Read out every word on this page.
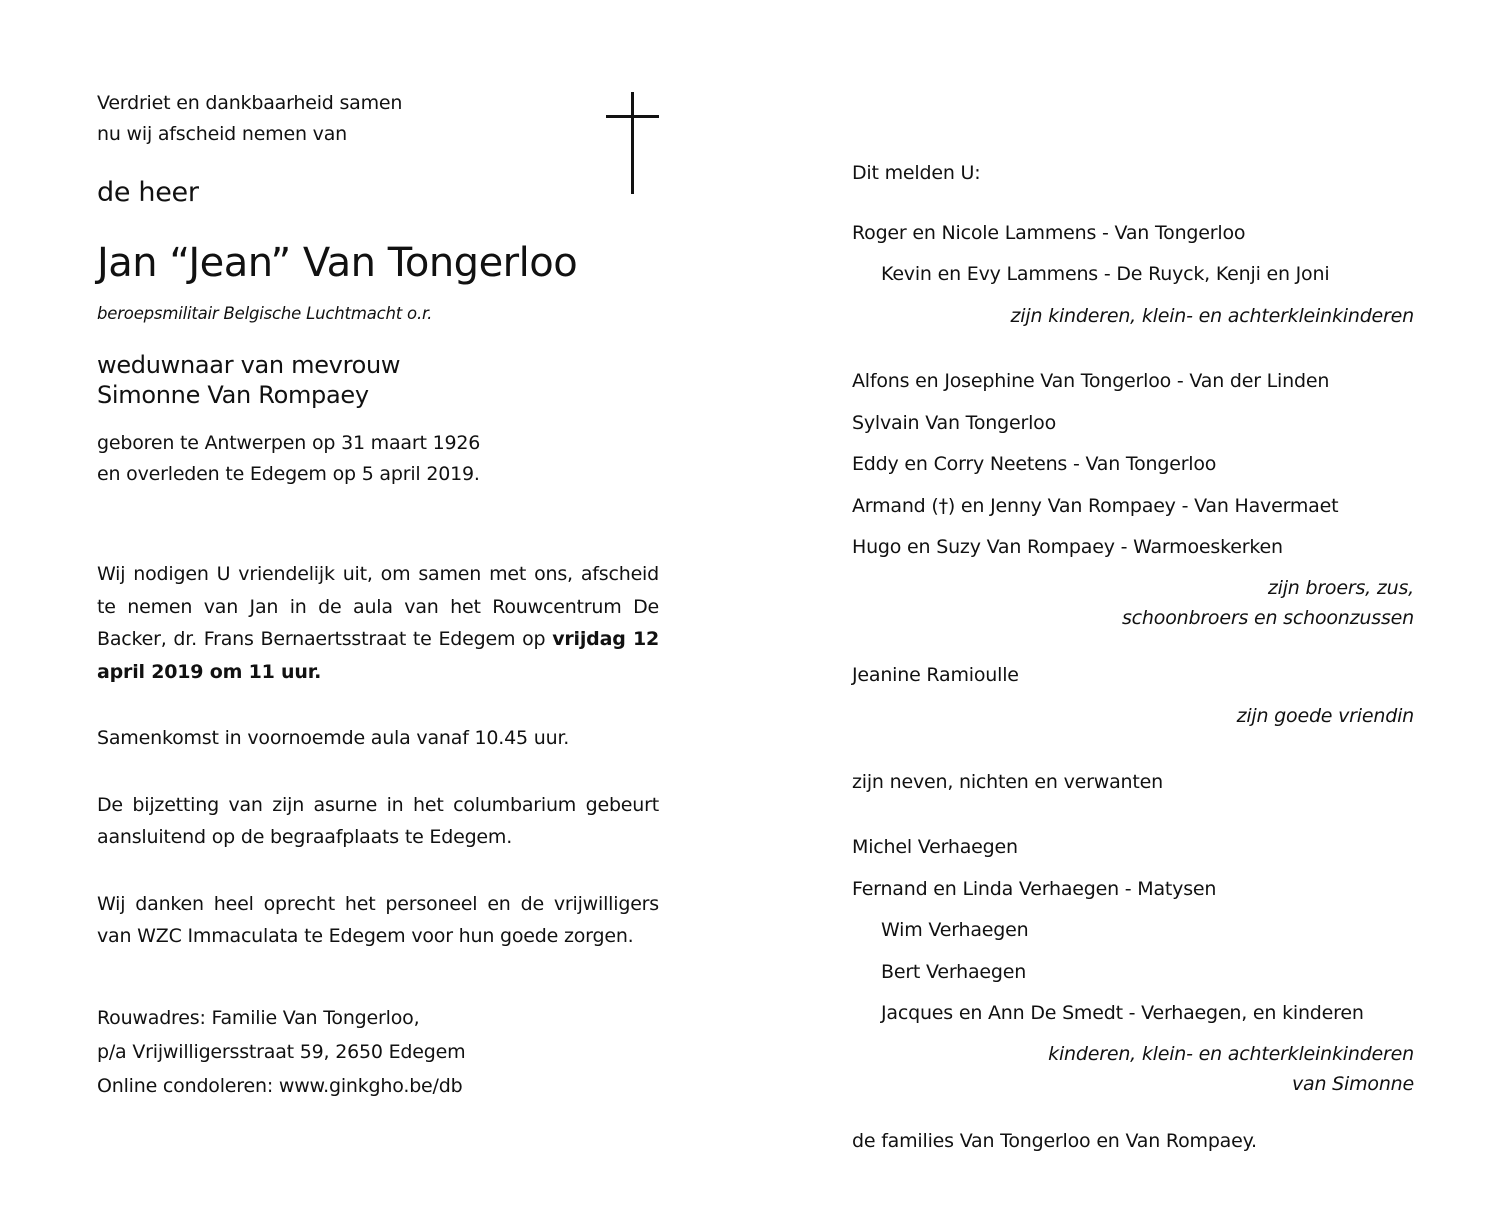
Verdriet en dankbaarheid samen
nu wij afscheid nemen van
de heer
Jan “Jean” Van Tongerloo
beroepsmilitair Belgische Luchtmacht o.r.
weduwnaar van mevrouw
Simonne Van Rompaey
geboren te Antwerpen op 31 maart 1926
en overleden te Edegem op 5 april 2019.
Wij nodigen U vriendelijk uit, om samen met ons, afscheid te nemen van Jan in de aula van het Rouwcentrum De Backer, dr. Frans Bernaertsstraat te Edegem op vrijdag 12 april 2019 om 11 uur.
Samenkomst in voornoemde aula vanaf 10.45 uur.
De bijzetting van zijn asurne in het columbarium gebeurt aansluitend op de begraafplaats te Edegem.
Wij danken heel oprecht het personeel en de vrijwilligers van WZC Immaculata te Edegem voor hun goede zorgen.
Rouwadres: Familie Van Tongerloo,
p/a Vrijwilligersstraat 59, 2650 Edegem
Online condoleren: www.ginkgho.be/db
Dit melden U:
Roger en Nicole Lammens - Van Tongerloo
Kevin en Evy Lammens - De Ruyck, Kenji en Joni
zijn kinderen, klein- en achterkleinkinderen
Alfons en Josephine Van Tongerloo - Van der Linden
Sylvain Van Tongerloo
Eddy en Corry Neetens - Van Tongerloo
Armand (†) en Jenny Van Rompaey - Van Havermaet
Hugo en Suzy Van Rompaey - Warmoeskerken
zijn broers, zus,
schoonbroers en schoonzussen
Jeanine Ramioulle
zijn goede vriendin
zijn neven, nichten en verwanten
Michel Verhaegen
Fernand en Linda Verhaegen - Matysen
Wim Verhaegen
Bert Verhaegen
Jacques en Ann De Smedt - Verhaegen, en kinderen
kinderen, klein- en achterkleinkinderen
van Simonne
de families Van Tongerloo en Van Rompaey.
